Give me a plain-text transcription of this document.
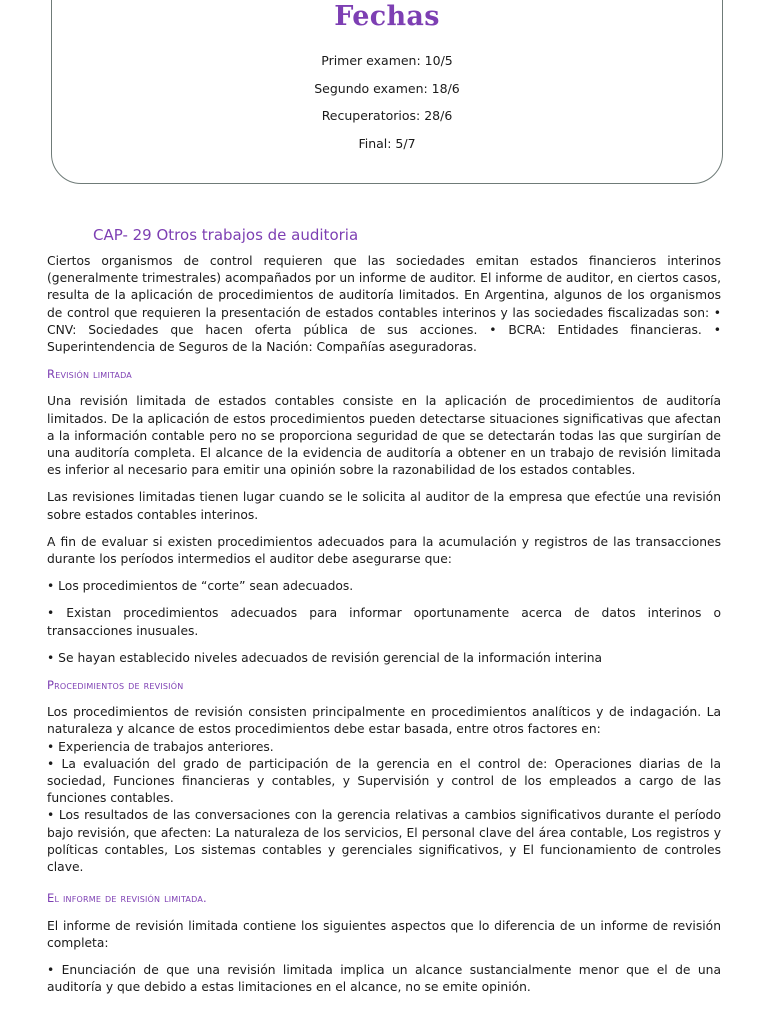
Fechas
Primer examen: 10/5
Segundo examen: 18/6
Recuperatorios: 28/6
Final: 5/7
CAP- 29 Otros trabajos de auditoria

Ciertos organismos de control requieren que las sociedades emitan estados financieros interinos (generalmente trimestrales) acompañados por un informe de auditor. El informe de auditor, en ciertos casos, resulta de la aplicación de procedimientos de auditoría limitados. En Argentina, algunos de los organismos de control que requieren la presentación de estados contables interinos y las sociedades fiscalizadas son: • CNV: Sociedades que hacen oferta pública de sus acciones. • BCRA: Entidades financieras. • Superintendencia de Seguros de la Nación: Compañías aseguradoras.

Revisión limitada

Una revisión limitada de estados contables consiste en la aplicación de procedimientos de auditoría limitados. De la aplicación de estos procedimientos pueden detectarse situaciones significativas que afectan a la información contable pero no se proporciona seguridad de que se detectarán todas las que surgirían de una auditoría completa. El alcance de la evidencia de auditoría a obtener en un trabajo de revisión limitada es inferior al necesario para emitir una opinión sobre la razonabilidad de los estados contables.

Las revisiones limitadas tienen lugar cuando se le solicita al auditor de la empresa que efectúe una revisión sobre estados contables interinos.

A fin de evaluar si existen procedimientos adecuados para la acumulación y registros de las transacciones durante los períodos intermedios el auditor debe asegurarse que:

• Los procedimientos de “corte” sean adecuados.

• Existan procedimientos adecuados para informar oportunamente acerca de datos interinos o transacciones inusuales.

• Se hayan establecido niveles adecuados de revisión gerencial de la información interina

Procedimientos de revisión

Los procedimientos de revisión consisten principalmente en procedimientos analíticos y de indagación. La naturaleza y alcance de estos procedimientos debe estar basada, entre otros factores en:

• Experiencia de trabajos anteriores.

• La evaluación del grado de participación de la gerencia en el control de: Operaciones diarias de la sociedad, Funciones financieras y contables, y Supervisión y control de los empleados a cargo de las funciones contables.

• Los resultados de las conversaciones con la gerencia relativas a cambios significativos durante el período bajo revisión, que afecten: La naturaleza de los servicios, El personal clave del área contable, Los registros y políticas contables, Los sistemas contables y gerenciales significativos, y El funcionamiento de controles clave.

El informe de revisión limitada.

El informe de revisión limitada contiene los siguientes aspectos que lo diferencia de un informe de revisión completa:

• Enunciación de que una revisión limitada implica un alcance sustancialmente menor que el de una auditoría y que debido a estas limitaciones en el alcance, no se emite opinión.
